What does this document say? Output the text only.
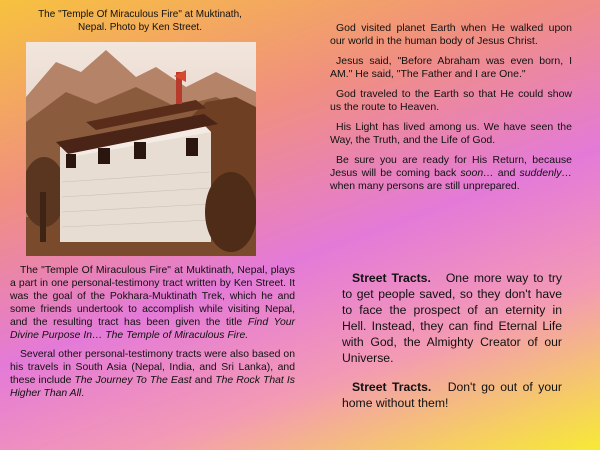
The "Temple Of Miraculous Fire" at Muktinath, Nepal. Photo by Ken Street.

The "Temple Of Miraculous Fire" at Muktinath, Nepal, plays a part in one personal-testimony tract written by Ken Street. It was the goal of the Pokhara-Muktinath Trek, which he and some friends undertook to accomplish while visiting Nepal, and the resulting tract has been given the title Find Your Divine Purpose In… The Temple of Miraculous Fire.

Several other personal-testimony tracts were also based on his travels in South Asia (Nepal, India, and Sri Lanka), and these include The Journey To The East and The Rock That Is Higher Than All.

God visited planet Earth when He walked upon our world in the human body of Jesus Christ.

Jesus said, "Before Abraham was even born, I AM." He said, "The Father and I are One."

God traveled to the Earth so that He could show us the route to Heaven.

His Light has lived among us. We have seen the Way, the Truth, and the Life of God.

Be sure you are ready for His Return, because Jesus will be coming back soon… and suddenly… when many persons are still unprepared.

Street Tracts. One more way to try to get people saved, so they don't have to face the prospect of an eternity in Hell. Instead, they can find Eternal Life with God, the Almighty Creator of our Universe.

Street Tracts. Don't go out of your home without them!
